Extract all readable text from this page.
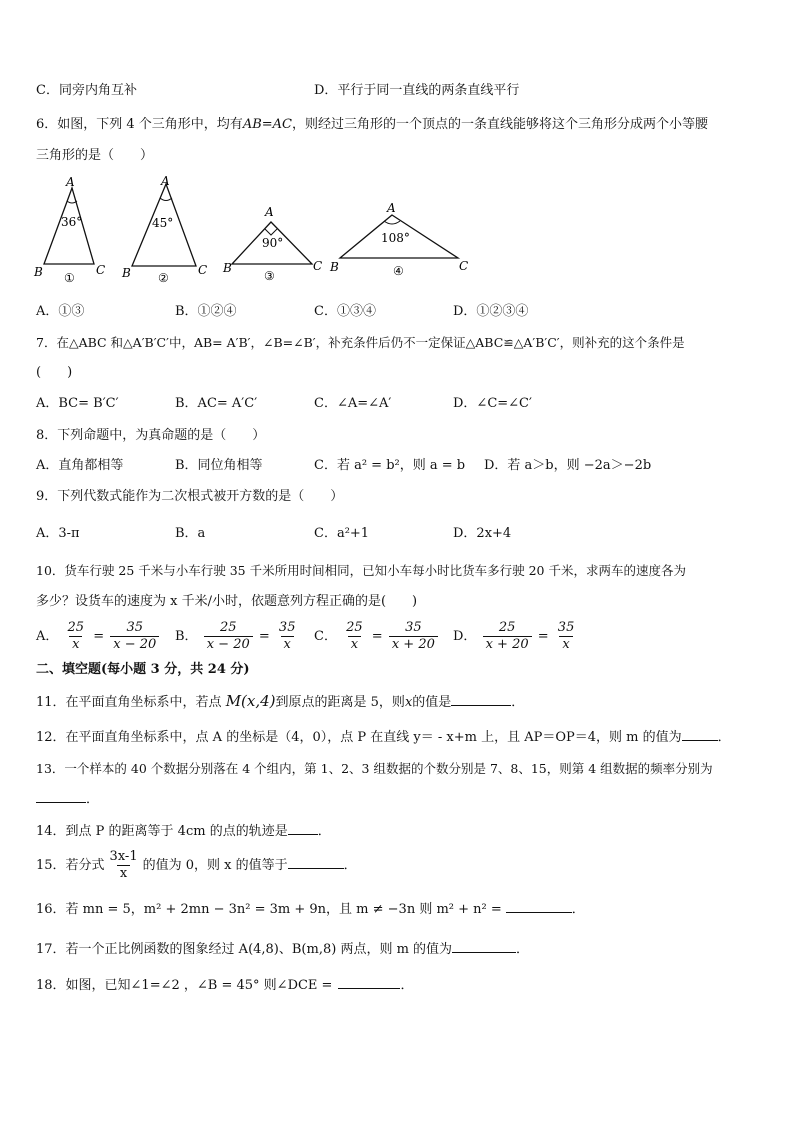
C．同旁内角互补	D．平行于同一直线的两条直线平行
6．如图，下列 4 个三角形中，均有AB=AC，则经过三角形的一个顶点的一条直线能够将这个三角形分成两个小等腰
三角形的是（　　）
A
B	C
36°
①
A
B	C
45°
②
A
B	C
90°
③
A
B	C
108°
④
A．①③	B．①②④	C．①③④	D．①②③④
7．在△ABC 和△A′B′C′中，AB= A′B′，∠B=∠B′，补充条件后仍不一定保证△ABC≌△A′B′C′，则补充的这个条件是
(　　)
A．BC= B′C′	B．AC= A′C′	C．∠A=∠A′	D．∠C=∠C′
8．下列命题中，为真命题的是（　　）
A．直角都相等	B．同位角相等	C．若 a² = b²，则 a = b D．若 a＞b，则 −2a＞−2b
9．下列代数式能作为二次根式被开方数的是（　　）
A．3-π	B．a	C．a²+1	D．2x+4
10．货车行驶 25 千米与小车行驶 35 千米所用时间相同，已知小车每小时比货车多行驶 20 千米，求两车的速度各为
多少？设货车的速度为 x 千米/小时，依题意列方程正确的是(　　)
A． $\frac{25}{x} = \frac{35}{x - 20}$ B． $\frac{25}{x - 20} = \frac{35}{x}$ C． $\frac{25}{x} = \frac{35}{x + 20}$ D． $\frac{25}{x + 20} = \frac{35}{x}$
二、填空题(每小题 3 分，共 24 分)
11．在平面直角坐标系中，若点 M(x,4)到原点的距离是 5，则x的值是	．
12．在平面直角坐标系中，点 A 的坐标是（4，0），点 P 在直线 y＝ - x+m 上，且 AP＝OP＝4，则 m 的值为	．
13．一个样本的 40 个数据分别落在 4 个组内，第 1、2、3 组数据的个数分别是 7、8、15，则第 4 组数据的频率分别为
．
14．到点 P 的距离等于 4cm 的点的轨迹是 ．
15．若分式 $\frac{3x-1}{x}$ 的值为 0，则 x 的值等于	．
16．若 mn = 5，m² + 2mn − 3n² = 3m + 9n，且 m ≠ −3n 则 m² + n² =	．
17．若一个正比例函数的图象经过 A(4,8)、B(m,8) 两点，则 m 的值为	．
18．如图，已知∠1=∠2 ，∠B = 45° 则∠DCE =	．
